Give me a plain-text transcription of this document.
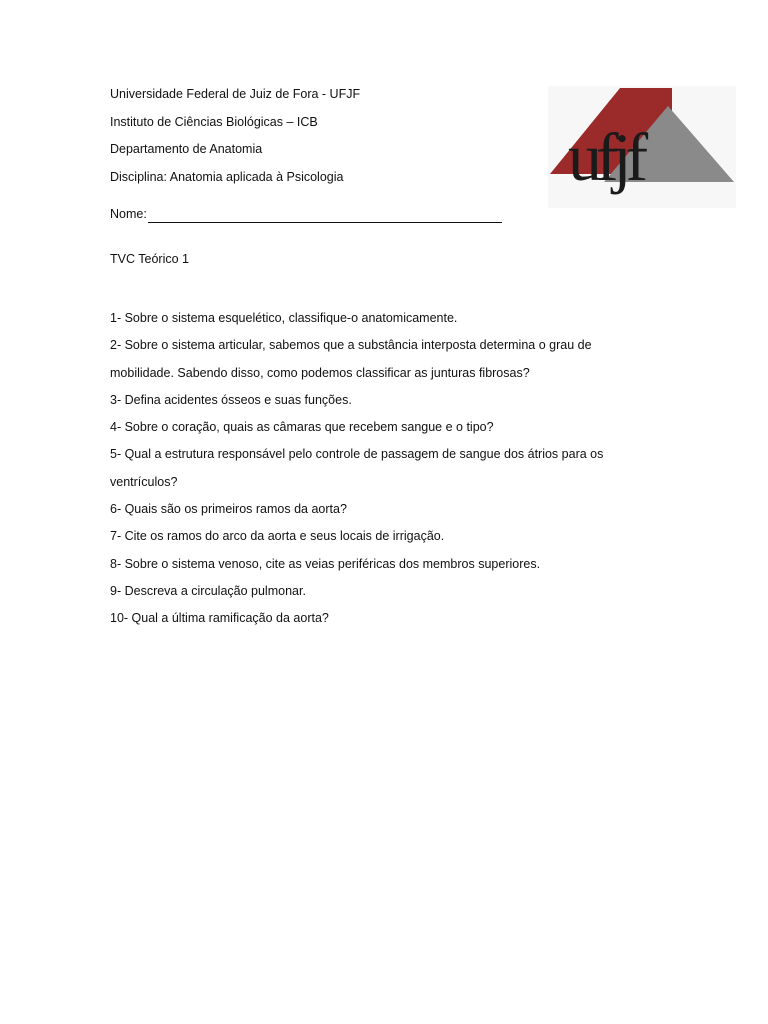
Universidade Federal de Juiz de Fora - UFJF
Instituto de Ciências Biológicas – ICB
Departamento de Anatomia
Disciplina: Anatomia aplicada à Psicologia
Nome:
ufjf
TVC Teórico 1
1- Sobre o sistema esquelético, classifique-o anatomicamente.
2- Sobre o sistema articular, sabemos que a substância interposta determina o grau de mobilidade. Sabendo disso, como podemos classificar as junturas fibrosas?
3- Defina acidentes ósseos e suas funções.
4- Sobre o coração, quais as câmaras que recebem sangue e o tipo?
5- Qual a estrutura responsável pelo controle de passagem de sangue dos átrios para os ventrículos?
6- Quais são os primeiros ramos da aorta?
7- Cite os ramos do arco da aorta e seus locais de irrigação.
8- Sobre o sistema venoso, cite as veias periféricas dos membros superiores.
9- Descreva a circulação pulmonar.
10- Qual a última ramificação da aorta?
